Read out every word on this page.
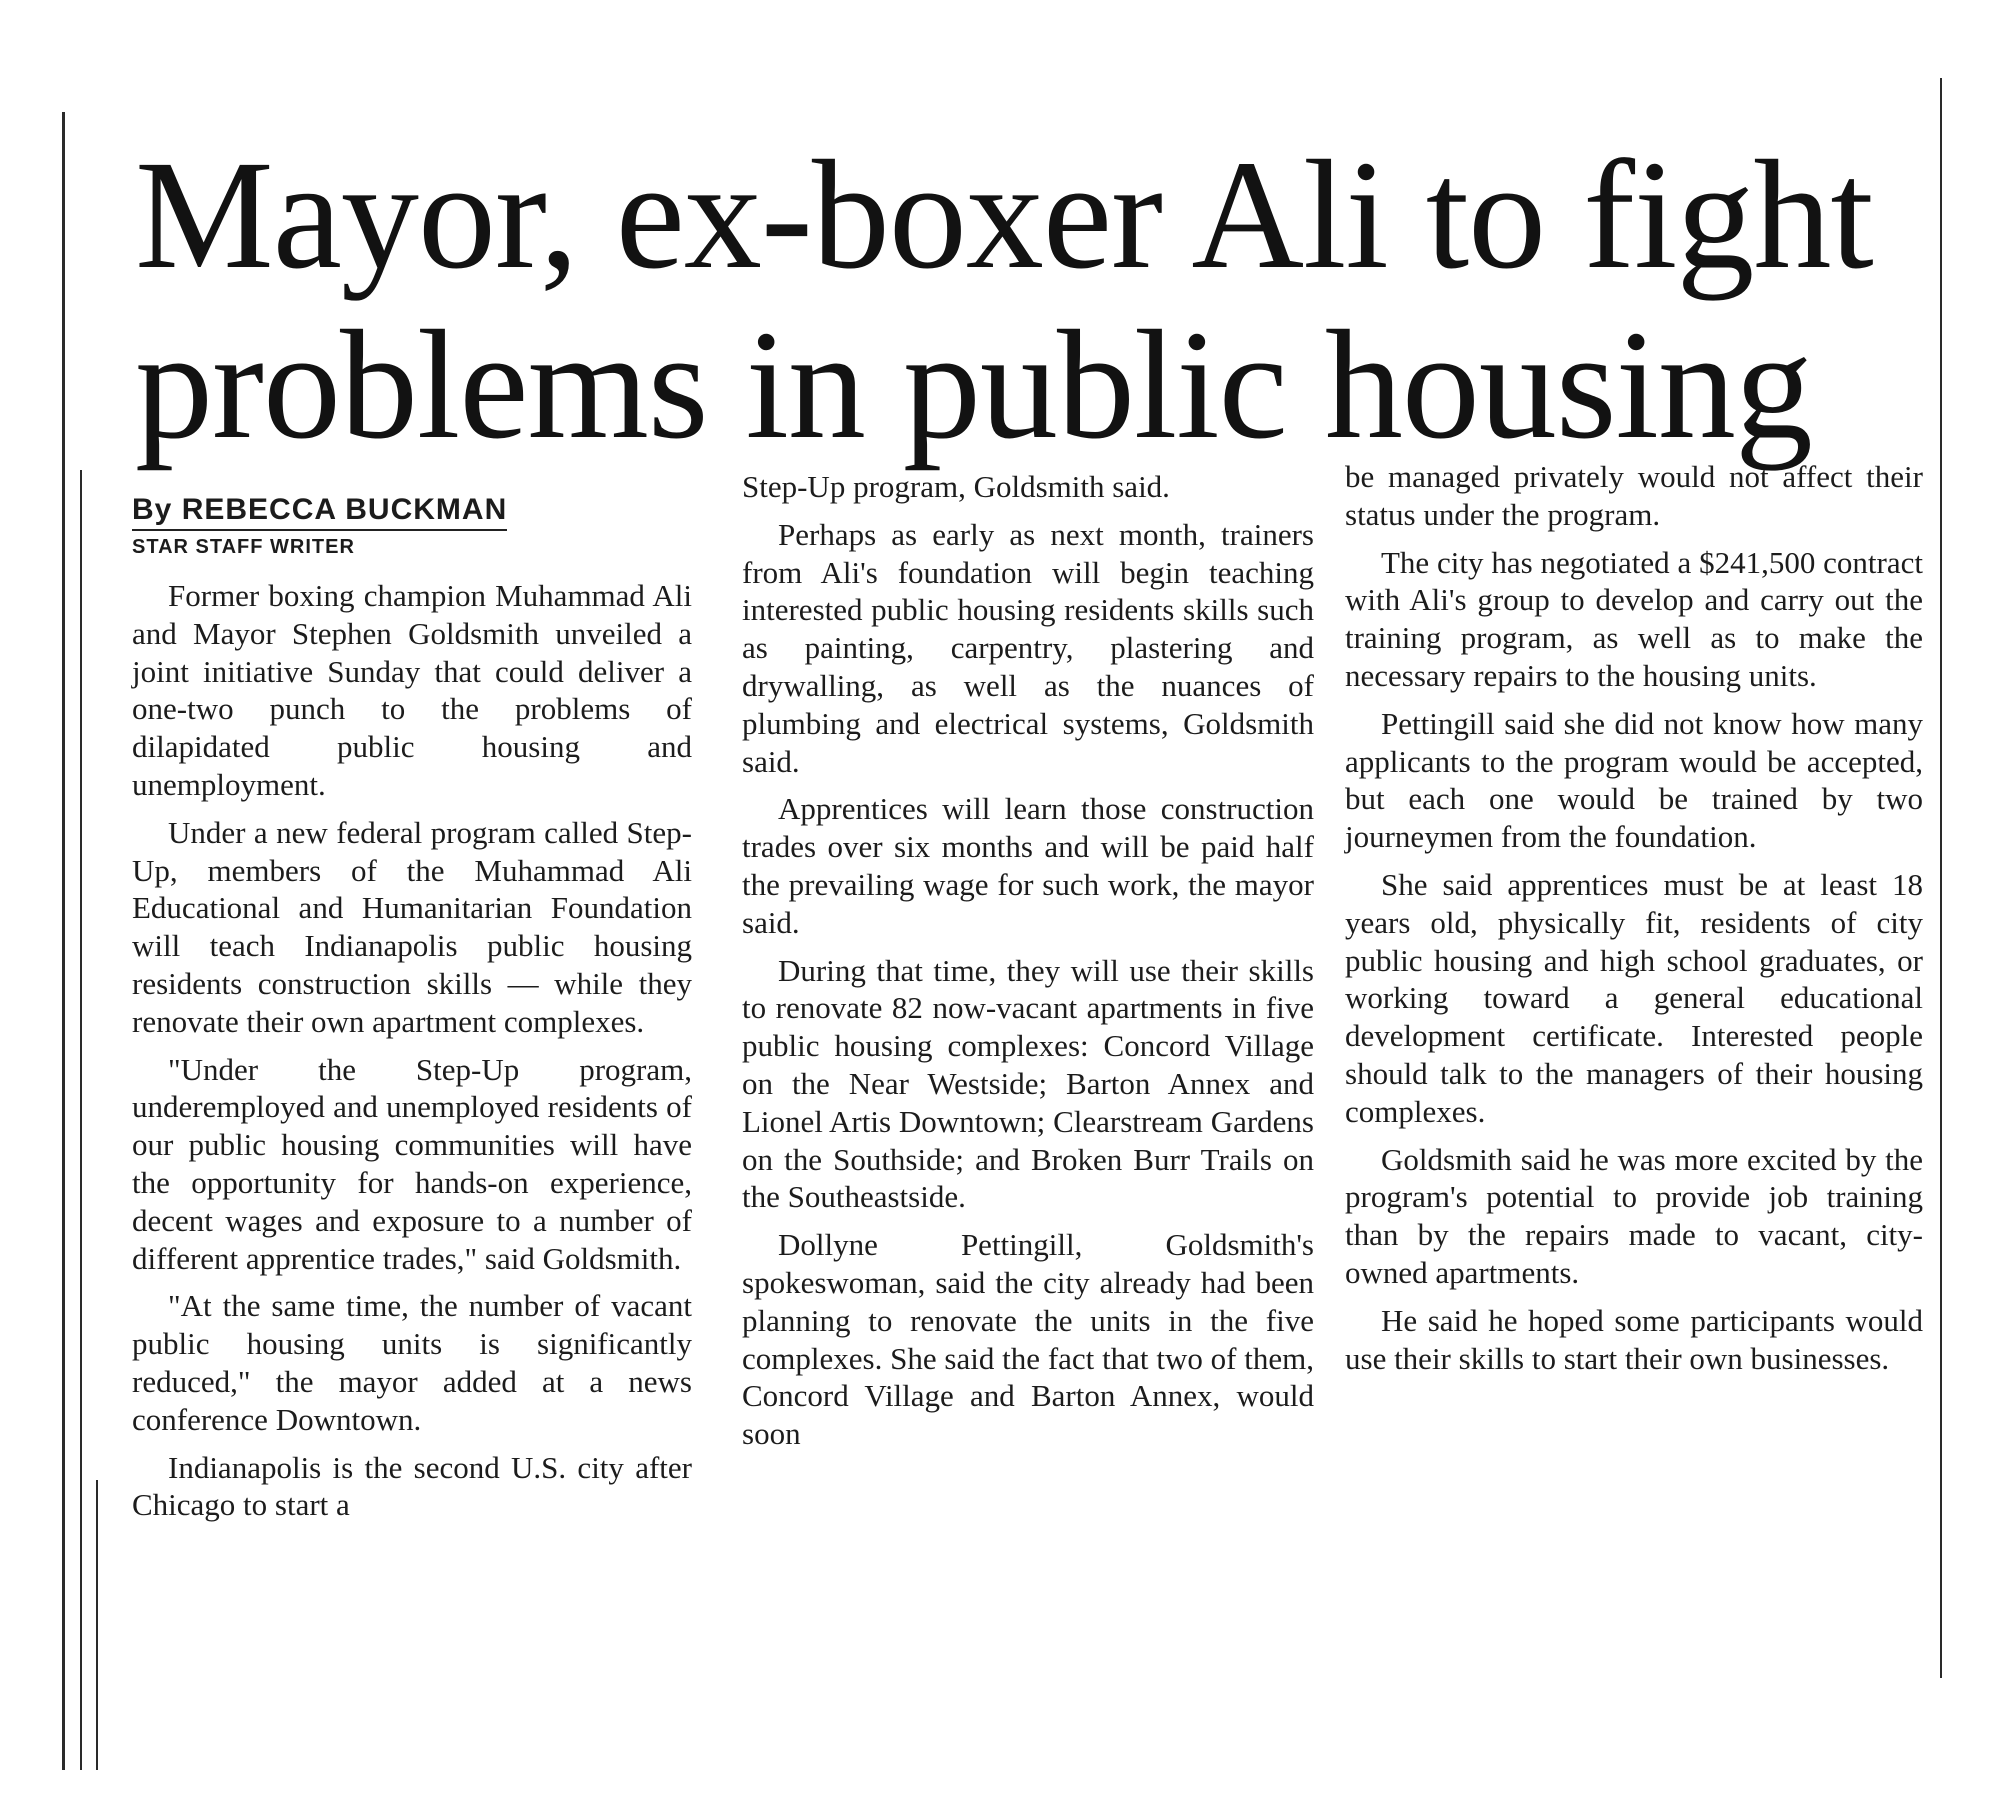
Mayor, ex-boxer Ali to fight
problems in public housing
By REBECCA BUCKMAN
STAR STAFF WRITER

Former boxing champion Muhammad Ali and Mayor Stephen Goldsmith unveiled a joint initiative Sunday that could deliver a one-two punch to the problems of dilapidated public housing and unemployment.

Under a new federal program called Step-Up, members of the Muhammad Ali Educational and Humanitarian Foundation will teach Indianapolis public housing residents construction skills — while they renovate their own apartment complexes.

"Under the Step-Up program, underemployed and unemployed residents of our public housing communities will have the opportunity for hands-on experience, decent wages and exposure to a number of different apprentice trades," said Goldsmith.

"At the same time, the number of vacant public housing units is significantly reduced," the mayor added at a news conference Downtown.

Indianapolis is the second U.S. city after Chicago to start a

Step-Up program, Goldsmith said.

Perhaps as early as next month, trainers from Ali's foundation will begin teaching interested public housing residents skills such as painting, carpentry, plastering and drywalling, as well as the nuances of plumbing and electrical systems, Goldsmith said.

Apprentices will learn those construction trades over six months and will be paid half the prevailing wage for such work, the mayor said.

During that time, they will use their skills to renovate 82 now-vacant apartments in five public housing complexes: Concord Village on the Near Westside; Barton Annex and Lionel Artis Downtown; Clearstream Gardens on the Southside; and Broken Burr Trails on the Southeastside.

Dollyne Pettingill, Goldsmith's spokeswoman, said the city already had been planning to renovate the units in the five complexes. She said the fact that two of them, Concord Village and Barton Annex, would soon

be managed privately would not affect their status under the program.

The city has negotiated a $241,500 contract with Ali's group to develop and carry out the training program, as well as to make the necessary repairs to the housing units.

Pettingill said she did not know how many applicants to the program would be accepted, but each one would be trained by two journeymen from the foundation.

She said apprentices must be at least 18 years old, physically fit, residents of city public housing and high school graduates, or working toward a general educational development certificate. Interested people should talk to the managers of their housing complexes.

Goldsmith said he was more excited by the program's potential to provide job training than by the repairs made to vacant, city-owned apartments.

He said he hoped some participants would use their skills to start their own businesses.
